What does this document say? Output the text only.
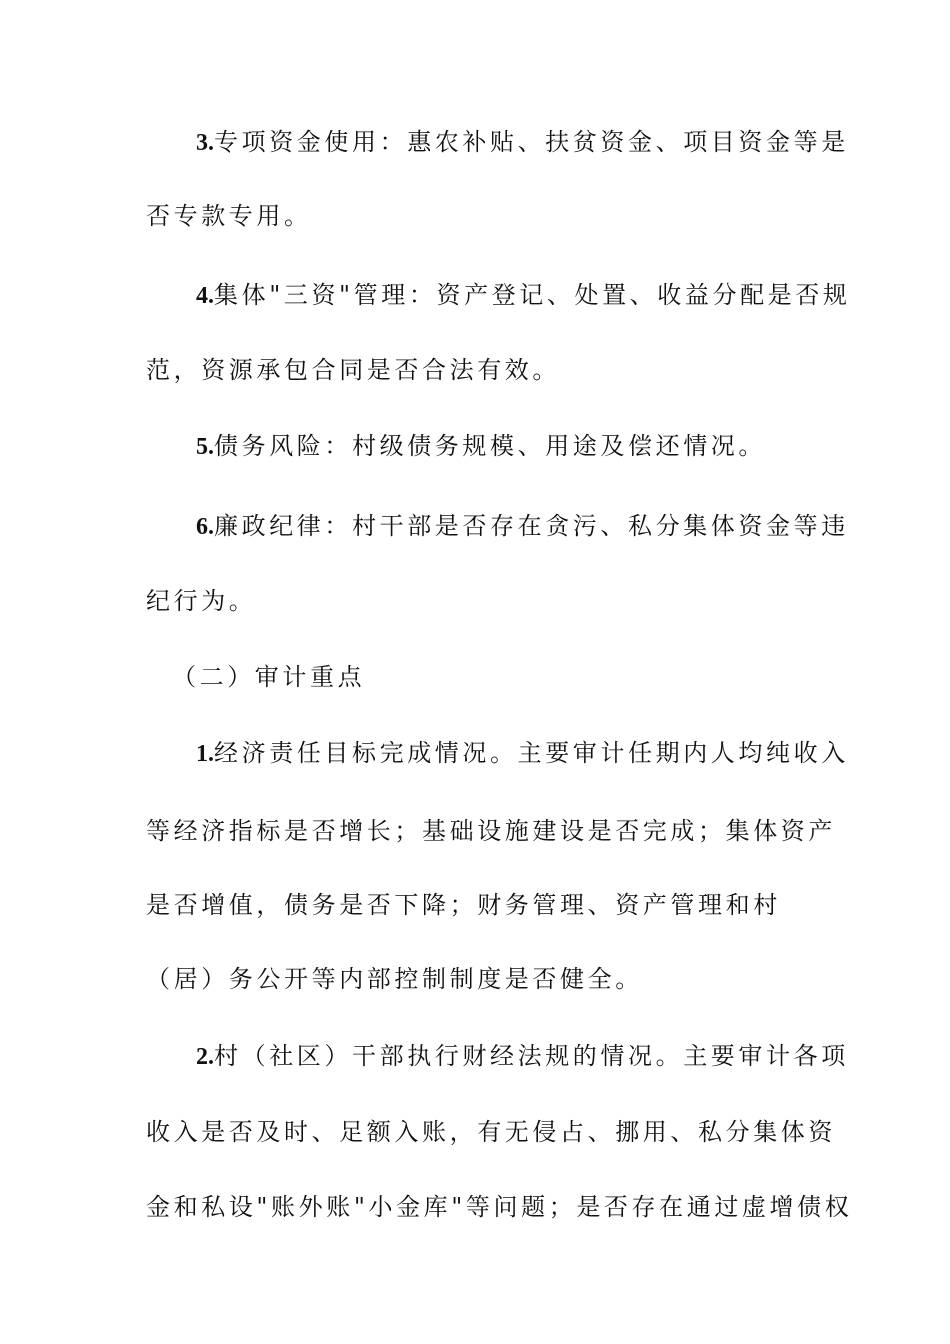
3.专项资金使用：惠农补贴、扶贫资金、项目资金等是
否专款专用。
4.集体"三资"管理：资产登记、处置、收益分配是否规
范，资源承包合同是否合法有效。
5.债务风险：村级债务规模、用途及偿还情况。
6.廉政纪律：村干部是否存在贪污、私分集体资金等违
纪行为。
（二）审计重点
1.经济责任目标完成情况。主要审计任期内人均纯收入
等经济指标是否增长；基础设施建设是否完成；集体资产
是否增值，债务是否下降；财务管理、资产管理和村
（居）务公开等内部控制制度是否健全。
2.村（社区）干部执行财经法规的情况。主要审计各项
收入是否及时、足额入账，有无侵占、挪用、私分集体资
金和私设"账外账"小金库"等问题；是否存在通过虚增债权
